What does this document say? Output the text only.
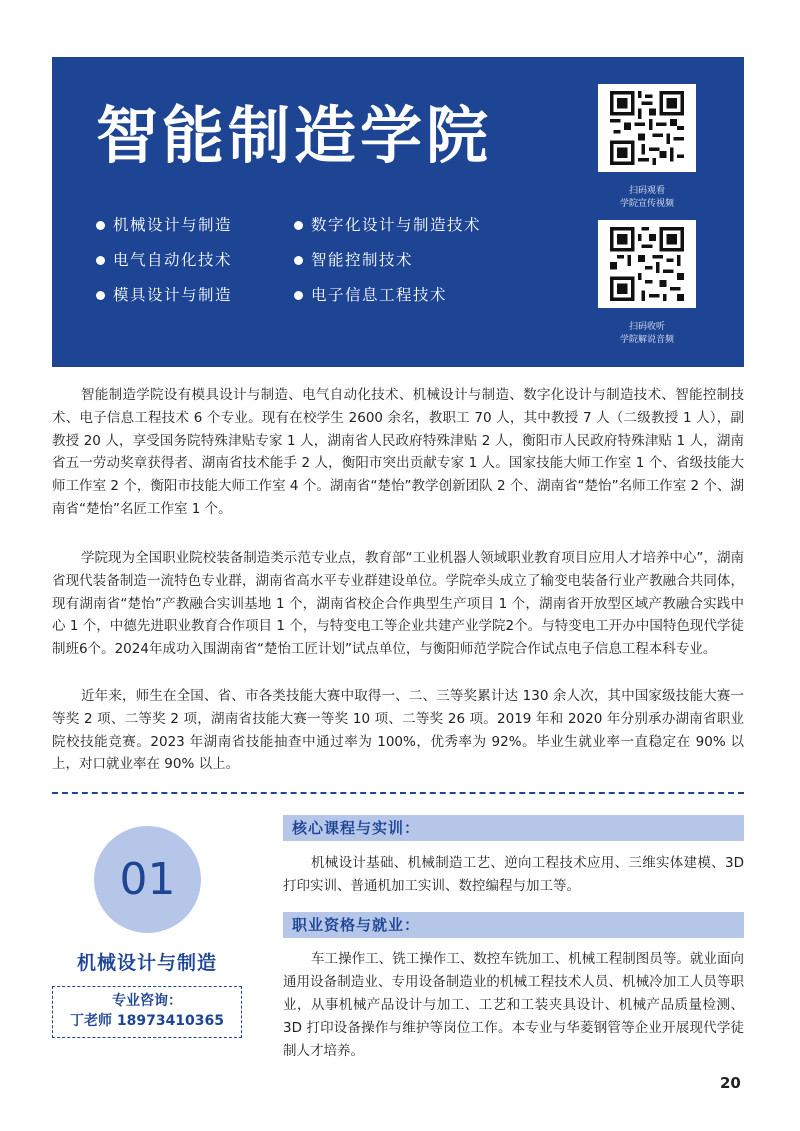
智能制造学院
机械设计与制造	数字化设计与制造技术
电气自动化技术	智能控制技术
模具设计与制造	电子信息工程技术
扫码观看
学院宣传视频
扫码收听
学院解说音频

智能制造学院设有模具设计与制造、电气自动化技术、机械设计与制造、数字化设计与制造技术、智能控制技术、电子信息工程技术 6 个专业。现有在校学生 2600 余名，教职工 70 人，其中教授 7 人（二级教授 1 人），副教授 20 人，享受国务院特殊津贴专家 1 人，湖南省人民政府特殊津贴 2 人，衡阳市人民政府特殊津贴 1 人，湖南省五一劳动奖章获得者、湖南省技术能手 2 人，衡阳市突出贡献专家 1 人。国家技能大师工作室 1 个、省级技能大师工作室 2 个，衡阳市技能大师工作室 4 个。湖南省“楚怡”教学创新团队 2 个、湖南省“楚怡”名师工作室 2 个、湖南省“楚怡”名匠工作室 1 个。

学院现为全国职业院校装备制造类示范专业点，教育部“工业机器人领域职业教育项目应用人才培养中心”，湖南省现代装备制造一流特色专业群，湖南省高水平专业群建设单位。学院牵头成立了输变电装备行业产教融合共同体，现有湖南省“楚怡”产教融合实训基地 1 个，湖南省校企合作典型生产项目 1 个，湖南省开放型区域产教融合实践中心 1 个，中德先进职业教育合作项目 1 个，与特变电工等企业共建产业学院2个。与特变电工开办中国特色现代学徒制班6个。2024年成功入围湖南省“楚怡工匠计划”试点单位，与衡阳师范学院合作试点电子信息工程本科专业。

近年来，师生在全国、省、市各类技能大赛中取得一、二、三等奖累计达 130 余人次，其中国家级技能大赛一等奖 2 项、二等奖 2 项，湖南省技能大赛一等奖 10 项、二等奖 26 项。2019 年和 2020 年分别承办湖南省职业院校技能竞赛。2023 年湖南省技能抽查中通过率为 100%，优秀率为 92%。毕业生就业率一直稳定在 90% 以上，对口就业率在 90% 以上。

01
机械设计与制造
专业咨询：
丁老师 18973410365
核心课程与实训：

机械设计基础、机械制造工艺、逆向工程技术应用、三维实体建模、3D 打印实训、普通机加工实训、数控编程与加工等。

职业资格与就业：

车工操作工、铣工操作工、数控车铣加工、机械工程制图员等。就业面向通用设备制造业、专用设备制造业的机械工程技术人员、机械冷加工人员等职业，从事机械产品设计与加工、工艺和工装夹具设计、机械产品质量检测、3D 打印设备操作与维护等岗位工作。本专业与华菱钢管等企业开展现代学徒制人才培养。

20
